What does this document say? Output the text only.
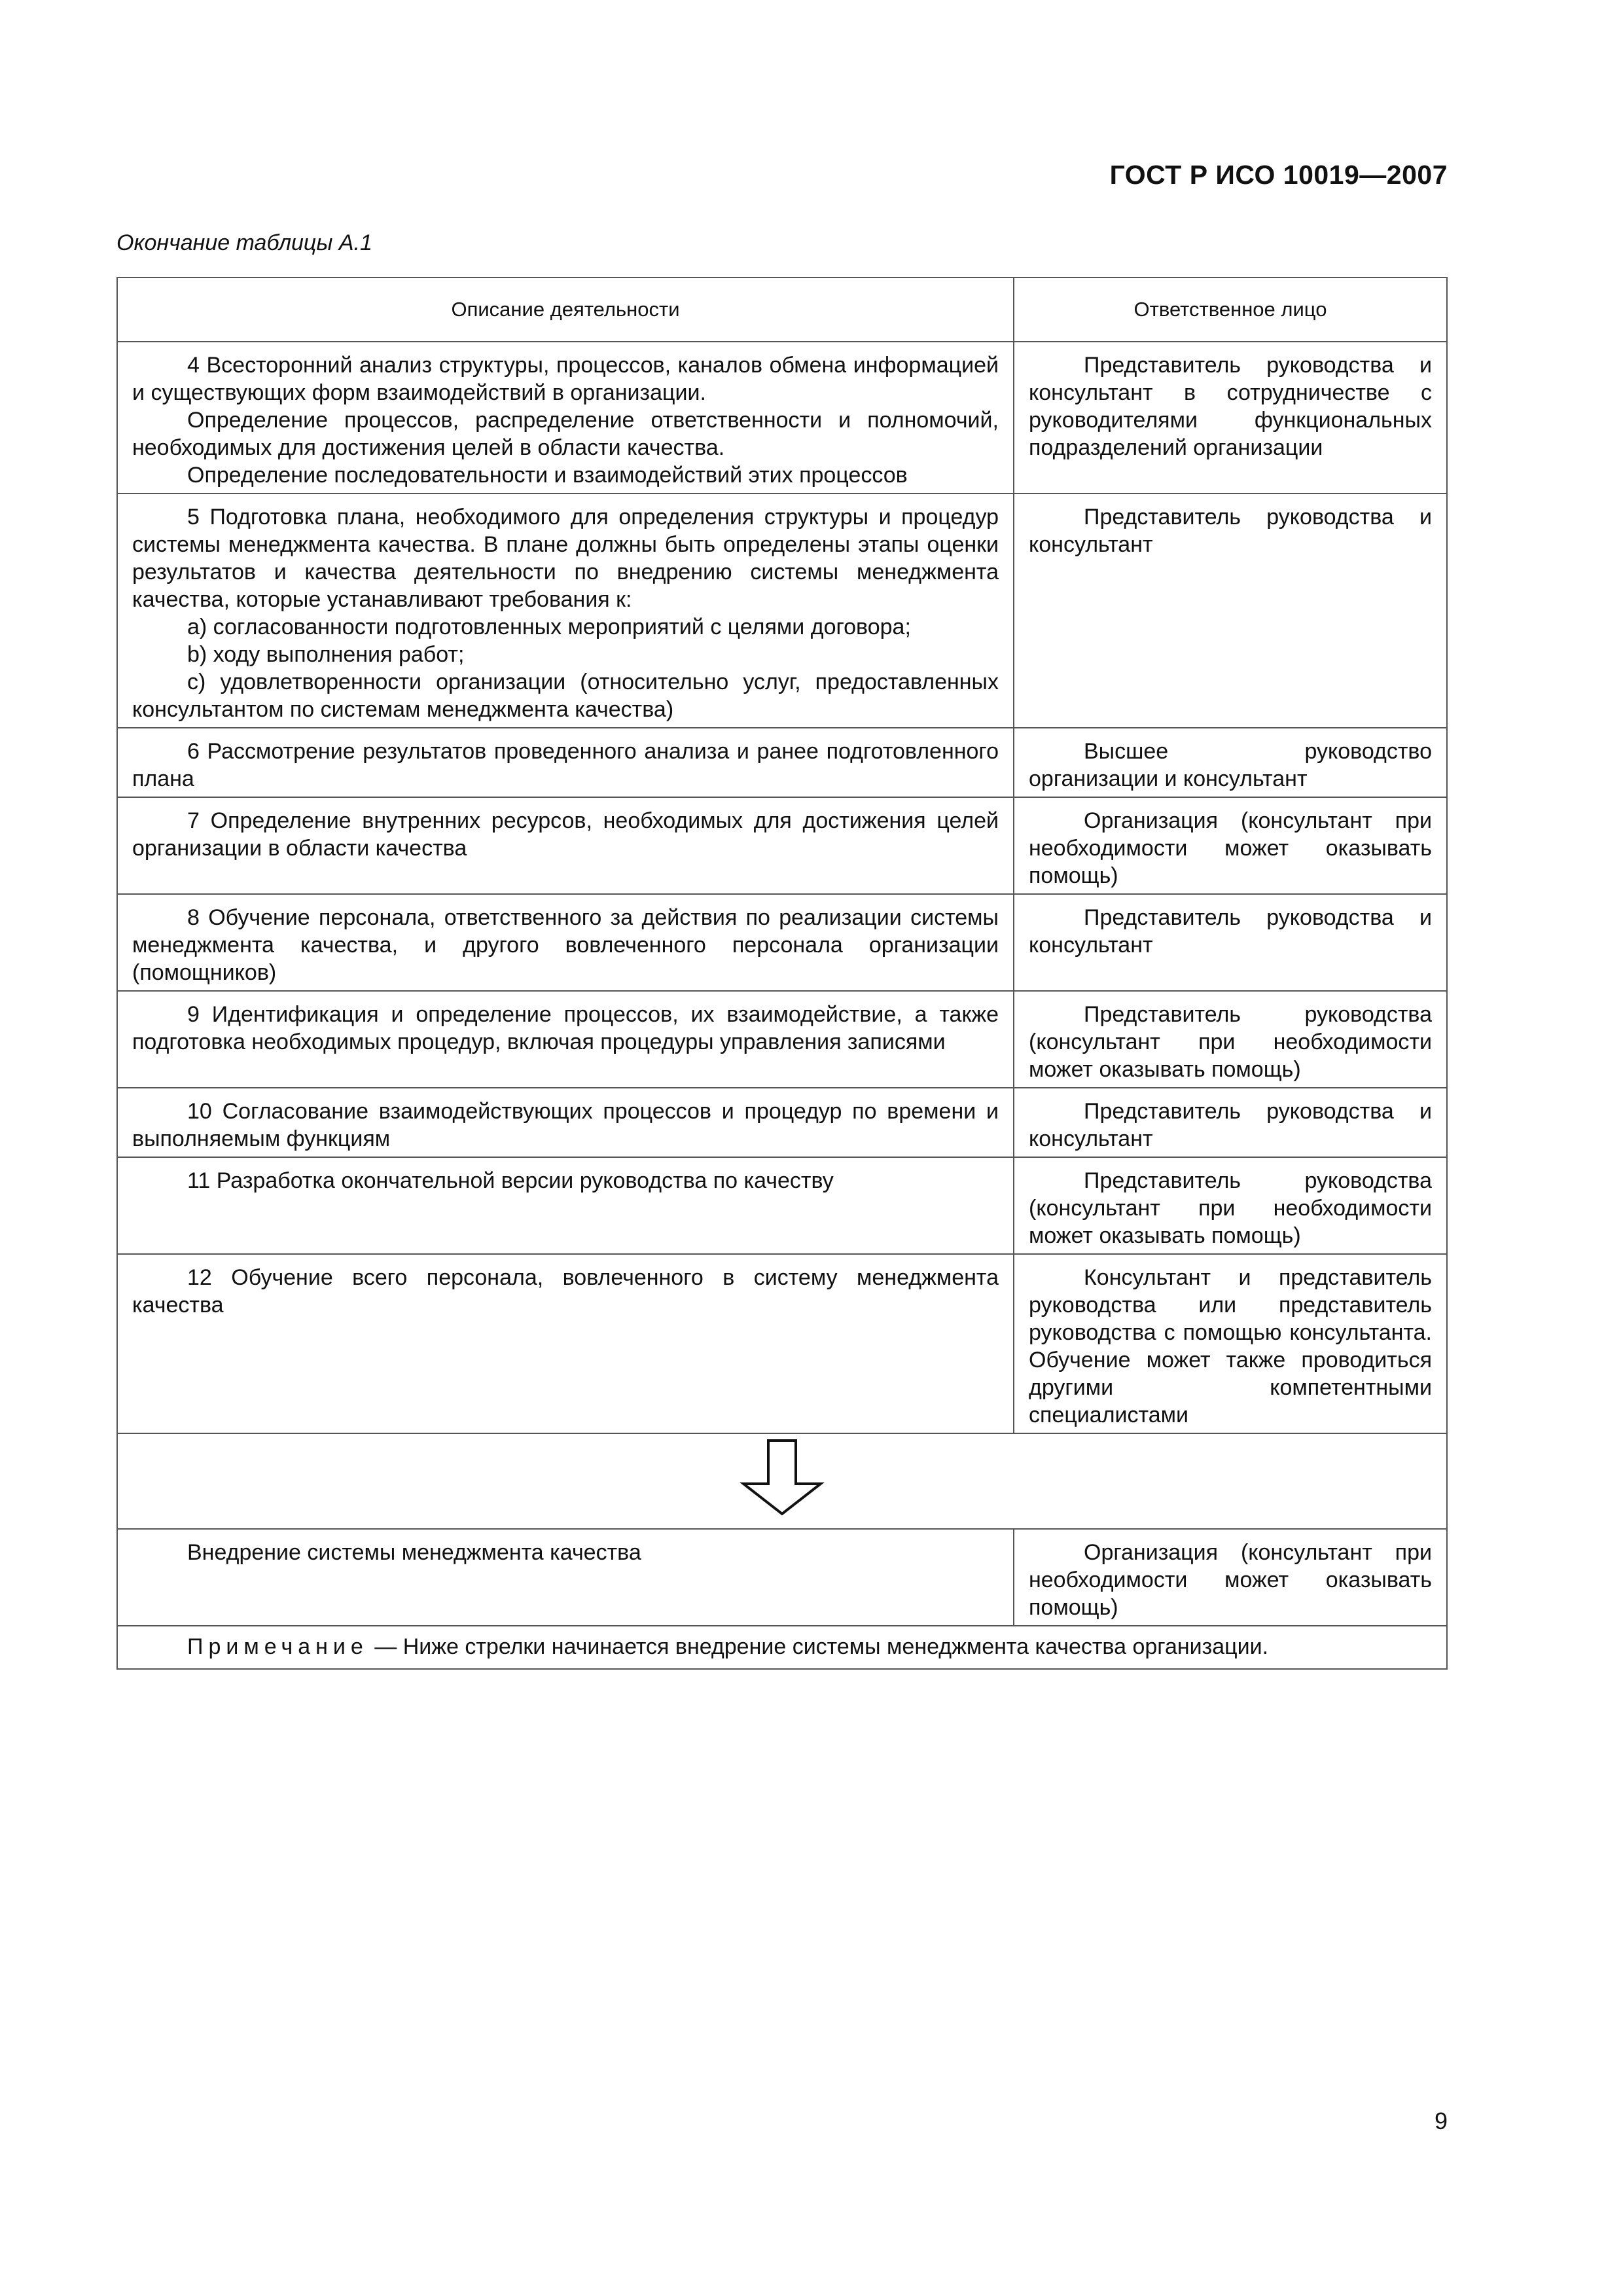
ГОСТ Р ИСО 10019—2007
Окончание таблицы А.1
Описание деятельности	Ответственное лицо

4 Всесторонний анализ структуры, процессов, каналов обмена информацией и существующих форм взаимодействий в организации.

Определение процессов, распределение ответственности и полномочий, необходимых для достижения целей в области качества.

Определение последовательности и взаимодействий этих процессов	Представитель руководства и консультант в сотрудничестве с руководителями функциональных подразделений организации

5 Подготовка плана, необходимого для определения структуры и процедур системы менеджмента качества. В плане должны быть определены этапы оценки результатов и качества деятельности по внедрению системы менеджмента качества, которые устанавливают требования к:

a) согласованности подготовленных мероприятий с целями договора;

b) ходу выполнения работ;

c) удовлетворенности организации (относительно услуг, предоставленных консультантом по системам менеджмента качества)	Представитель руководства и консультант

6 Рассмотрение результатов проведенного анализа и ранее подготовленного плана	Высшее руководство организации и консультант

7 Определение внутренних ресурсов, необходимых для достижения целей организации в области качества	Организация (консультант при необходимости может оказывать помощь)

8 Обучение персонала, ответственного за действия по реализации системы менеджмента качества, и другого вовлеченного персонала организации (помощников)	Представитель руководства и консультант

9 Идентификация и определение процессов, их взаимодействие, а также подготовка необходимых процедур, включая процедуры управления записями	Представитель руководства (консультант при необходимости может оказывать помощь)

10 Согласование взаимодействующих процессов и процедур по времени и выполняемым функциям	Представитель руководства и консультант

11 Разработка окончательной версии руководства по качеству	Представитель руководства (консультант при необходимости может оказывать помощь)

12 Обучение всего персонала, вовлеченного в систему менеджмента качества	Консультант и представитель руководства или представитель руководства с помощью консультанта. Обучение может также проводиться другими компетентными специалистами

Внедрение системы менеджмента качества	Организация (консультант при необходимости может оказывать помощь)

Примечание — Ниже стрелки начинается внедрение системы менеджмента качества организации.	

9
